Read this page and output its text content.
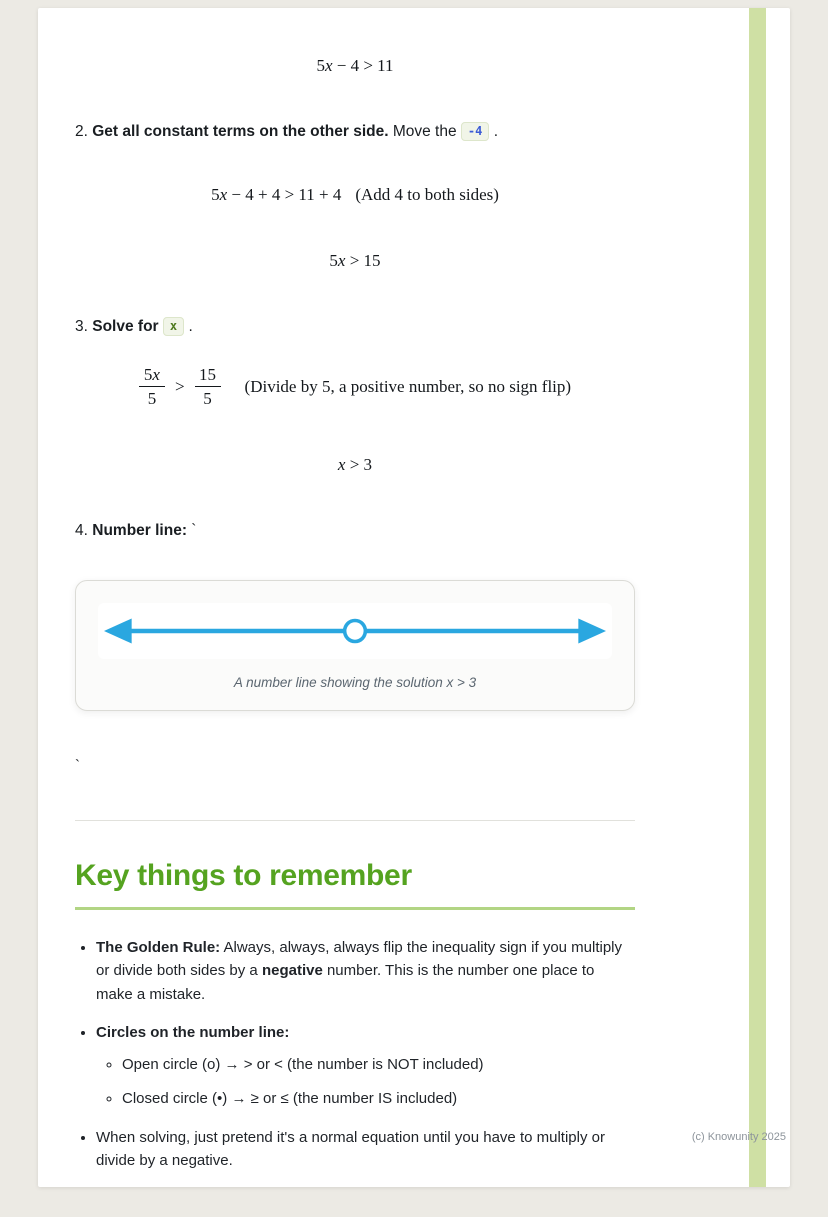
5x − 4 > 11

2. Get all constant terms on the other side. Move the -4 .

5x − 4 + 4 > 11 + 4 (Add 4 to both sides)
5x > 15

3. Solve for x .

$\frac{5x}{5} > \frac{15}{5}$ (Divide by 5, a positive number, so no sign flip)
x > 3

4. Number line: `

A number line showing the solution x > 3

`

Key things to remember
• The Golden Rule: Always, always, always flip the inequality sign if you multiply or divide both sides by a negative number. This is the number one place to make a mistake.
• Circles on the number line:
◦ Open circle (o) → > or < (the number is NOT included)
◦ Closed circle (•) → ≥ or ≤ (the number IS included)
• When solving, just pretend it's a normal equation until you have to multiply or divide by a negative.
(c) Knowunity 2025
